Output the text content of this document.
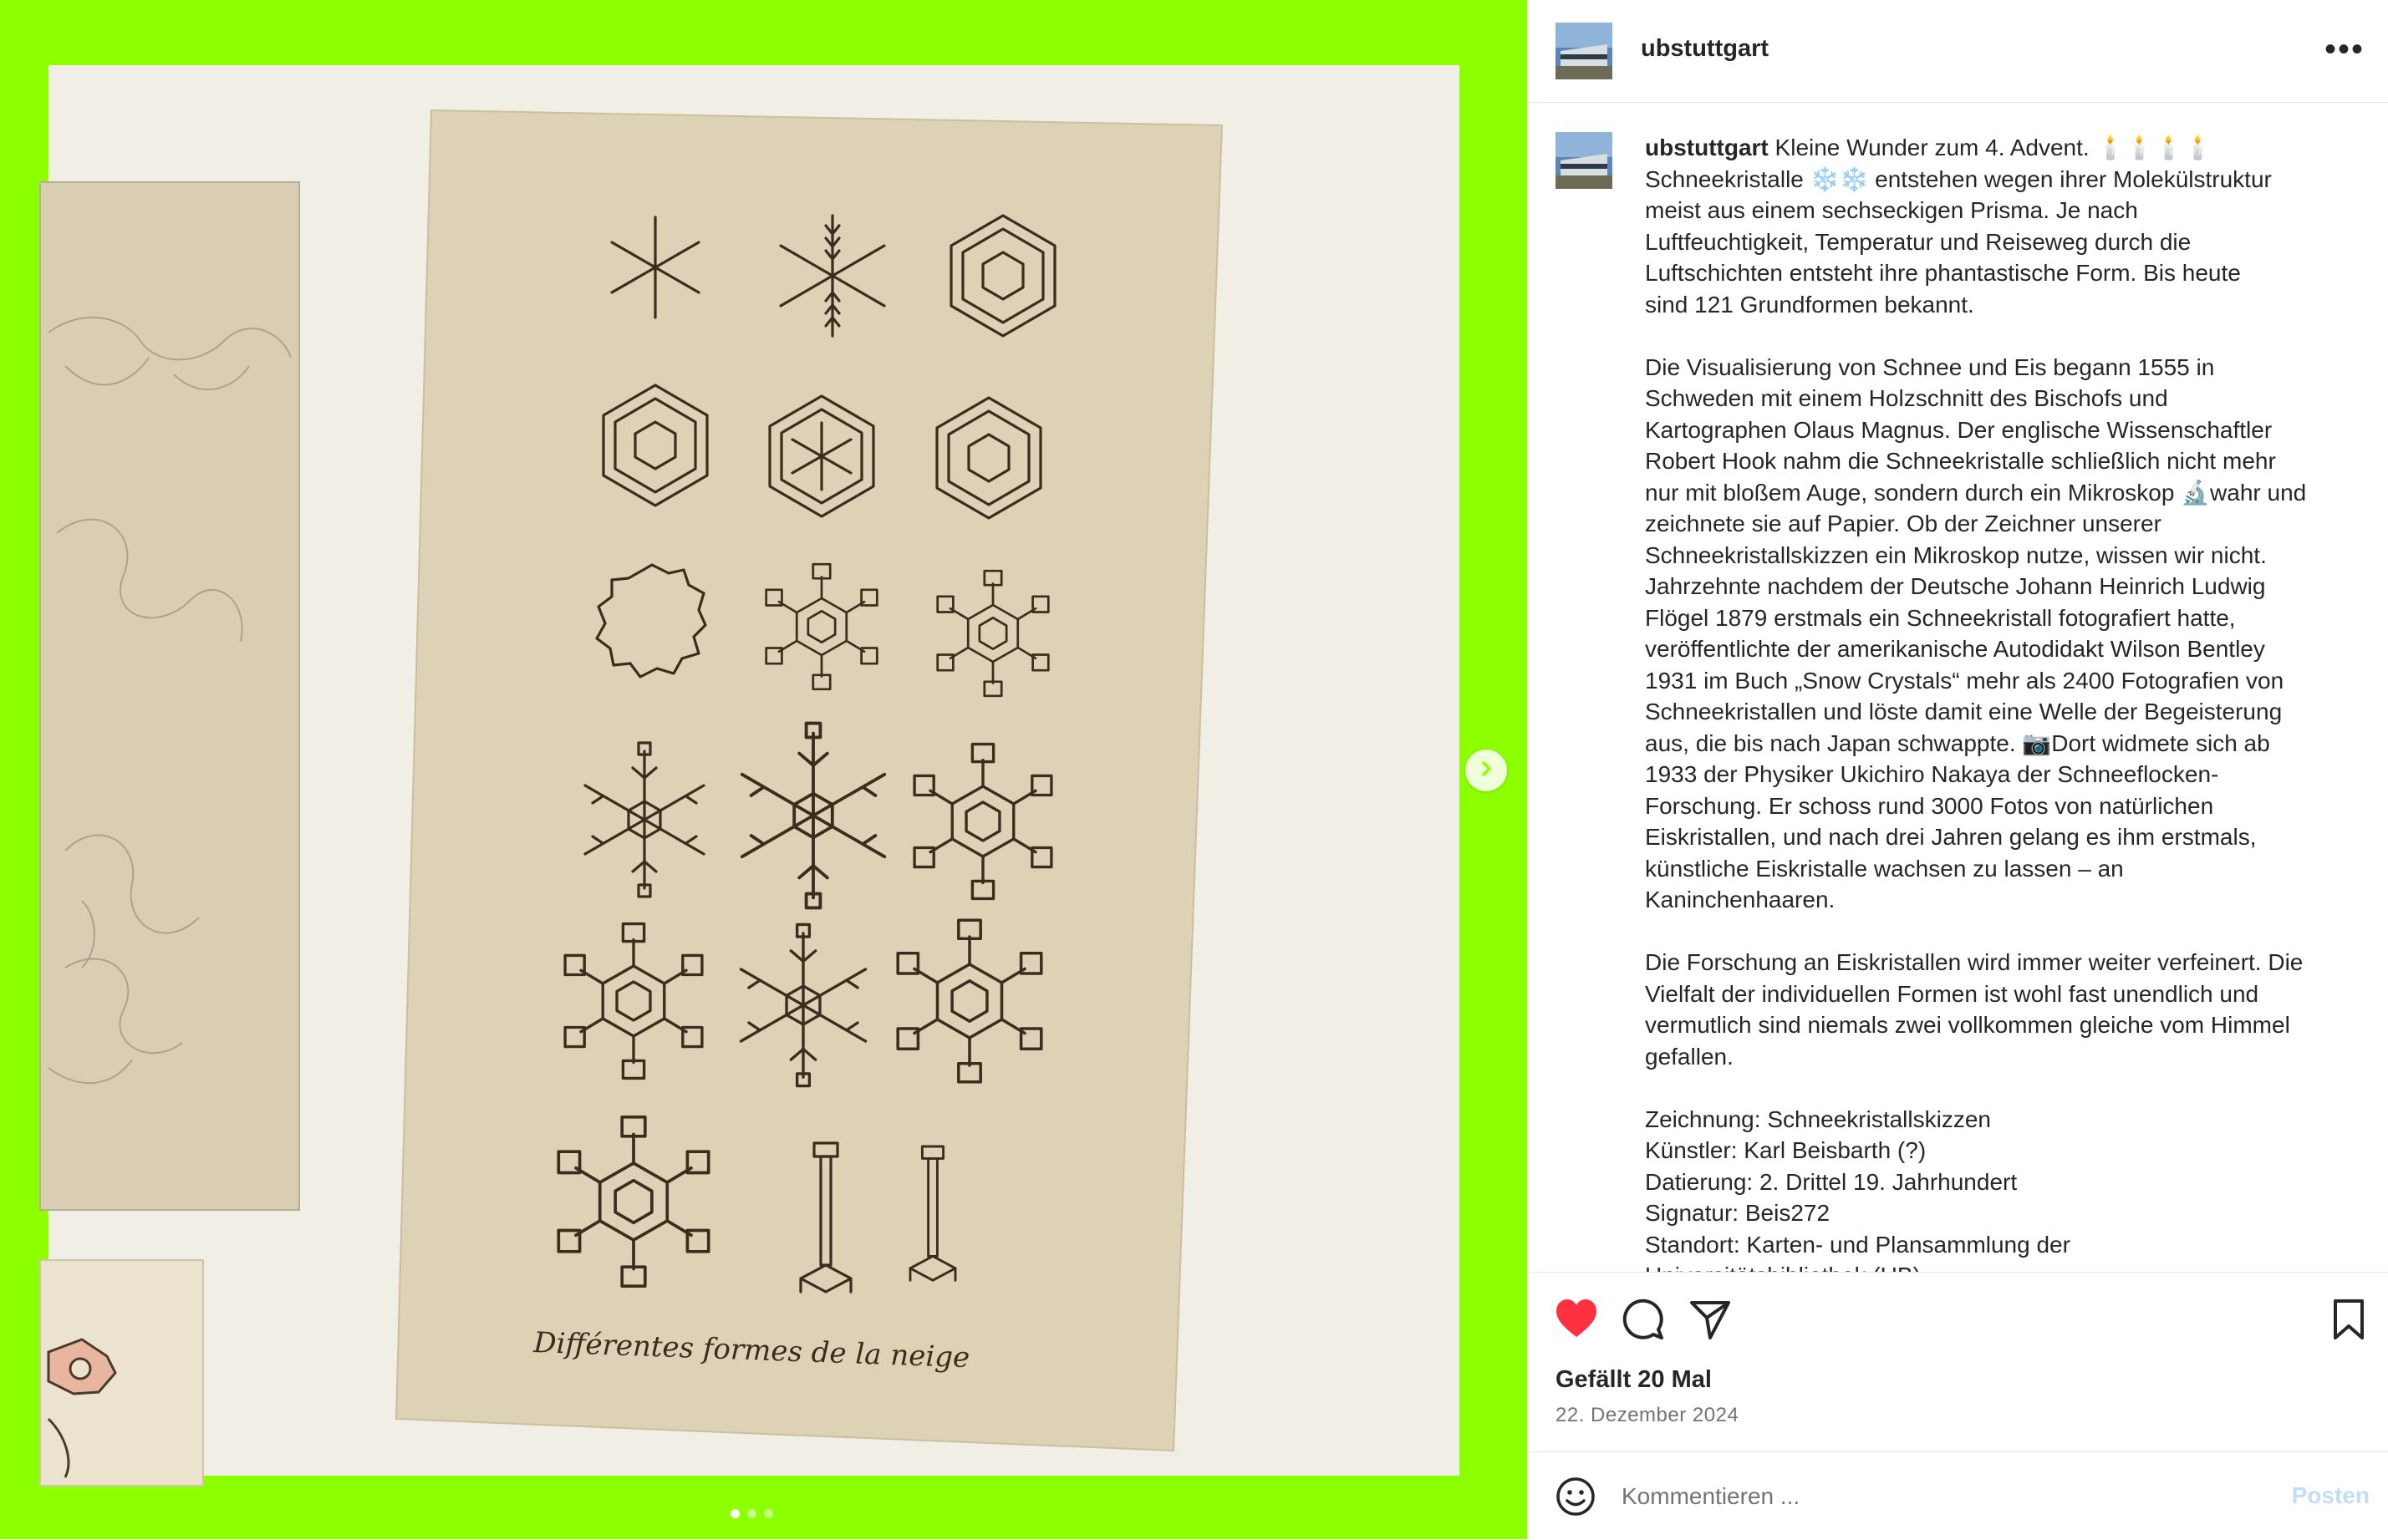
Différentes formes de la neige
ubstuttgart	•••
ubstuttgart Kleine Wunder zum 4. Advent. 🕯️🕯️🕯️🕯️
Schneekristalle ❄️❄️ entstehen wegen ihrer Molekülstruktur
meist aus einem sechseckigen Prisma. Je nach
Luftfeuchtigkeit, Temperatur und Reiseweg durch die
Luftschichten entsteht ihre phantastische Form. Bis heute
sind 121 Grundformen bekannt.

Die Visualisierung von Schnee und Eis begann 1555 in
Schweden mit einem Holzschnitt des Bischofs und
Kartographen Olaus Magnus. Der englische Wissenschaftler
Robert Hook nahm die Schneekristalle schließlich nicht mehr
nur mit bloßem Auge, sondern durch ein Mikroskop 🔬wahr und
zeichnete sie auf Papier. Ob der Zeichner unserer
Schneekristallskizzen ein Mikroskop nutze, wissen wir nicht.
Jahrzehnte nachdem der Deutsche Johann Heinrich Ludwig
Flögel 1879 erstmals ein Schneekristall fotografiert hatte,
veröffentlichte der amerikanische Autodidakt Wilson Bentley
1931 im Buch „Snow Crystals“ mehr als 2400 Fotografien von
Schneekristallen und löste damit eine Welle der Begeisterung
aus, die bis nach Japan schwappte. 📷Dort widmete sich ab
1933 der Physiker Ukichiro Nakaya der Schneeflocken-
Forschung. Er schoss rund 3000 Fotos von natürlichen
Eiskristallen, und nach drei Jahren gelang es ihm erstmals,
künstliche Eiskristalle wachsen zu lassen – an
Kaninchenhaaren.

Die Forschung an Eiskristallen wird immer weiter verfeinert. Die
Vielfalt der individuellen Formen ist wohl fast unendlich und
vermutlich sind niemals zwei vollkommen gleiche vom Himmel
gefallen.

Zeichnung: Schneekristallskizzen
Künstler: Karl Beisbarth (?)
Datierung: 2. Drittel 19. Jahrhundert
Signatur: Beis272
Standort: Karten- und Plansammlung der

Gefällt 20 Mal
22. Dezember 2024
Kommentieren ...
Posten
